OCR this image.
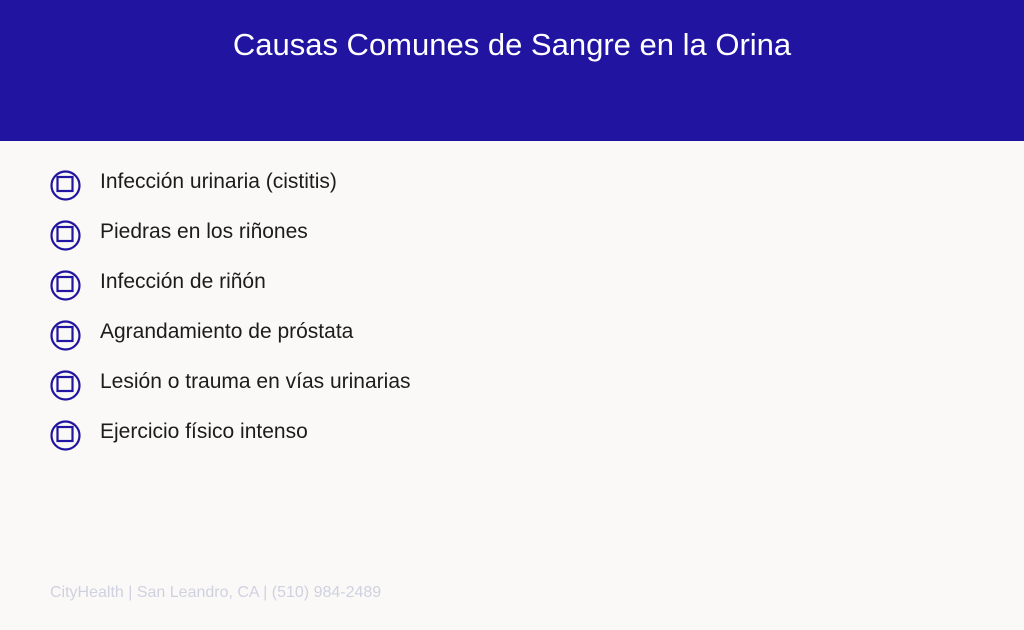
Causas Comunes de Sangre en la Orina
Infección urinaria (cistitis)
Piedras en los riñones
Infección de riñón
Agrandamiento de próstata
Lesión o trauma en vías urinarias
Ejercicio físico intenso
CityHealth | San Leandro, CA | (510) 984-2489
